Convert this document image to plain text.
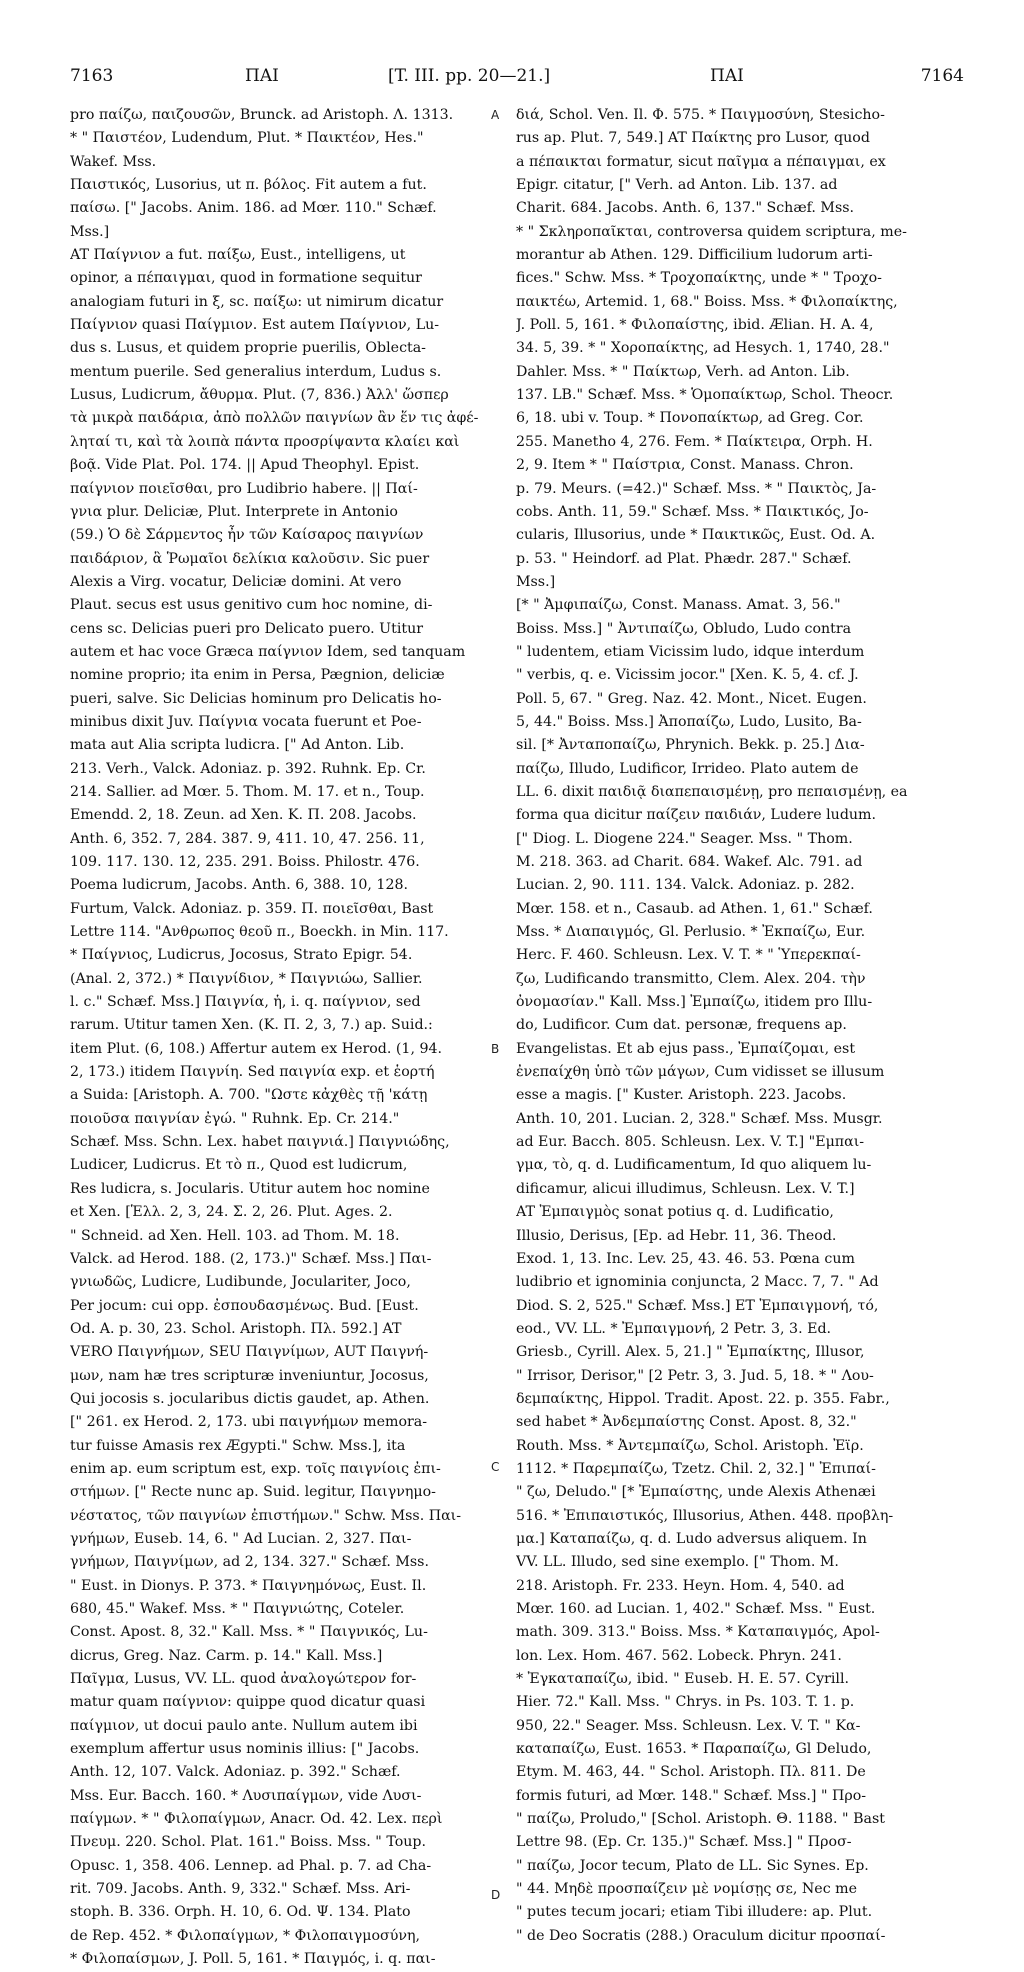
7163	ΠΑΙ	[T. III. pp. 20—21.]	ΠΑΙ	7164
pro παίζω, παιζουσῶν, Brunck. ad Aristoph. Λ. 1313.
* " Παιστέον, Ludendum, Plut. * Παικτέον, Hes."
Wakef. Mss.
Παιστικός, Lusorius, ut π. βόλος. Fit autem a fut.
παίσω. [" Jacobs. Anim. 186. ad Mœr. 110." Schæf.
Mss.]
AT Παίγνιον a fut. παίξω, Eust., intelligens, ut
opinor, a πέπαιγμαι, quod in formatione sequitur
analogiam futuri in ξ, sc. παίξω: ut nimirum dicatur
Παίγνιον quasi Παίγμιον. Est autem Παίγνιον, Lu-
dus s. Lusus, et quidem proprie puerilis, Oblecta-
mentum puerile. Sed generalius interdum, Ludus s.
Lusus, Ludicrum, ἄθυρμα. Plut. (7, 836.) Ἀλλ' ὥσπερ
τὰ μικρὰ παιδάρια, ἀπὸ πολλῶν παιγνίων ἂν ἕν τις ἀφέ-
ληταί τι, καὶ τὰ λοιπὰ πάντα προσρίψαντα κλαίει καὶ
βοᾷ. Vide Plat. Pol. 174. || Apud Theophyl. Epist.
παίγνιον ποιεῖσθαι, pro Ludibrio habere. || Παί-
γνια plur. Deliciæ, Plut. Interprete in Antonio
(59.) Ὁ δὲ Σάρμεντος ἦν τῶν Καίσαρος παιγνίων
παιδάριον, ἃ Ῥωμαῖοι δελίκια καλοῦσιν. Sic puer
Alexis a Virg. vocatur, Deliciæ domini. At vero
Plaut. secus est usus genitivo cum hoc nomine, di-
cens sc. Delicias pueri pro Delicato puero. Utitur
autem et hac voce Græca παίγνιον Idem, sed tanquam
nomine proprio; ita enim in Persa, Pægnion, deliciæ
pueri, salve. Sic Delicias hominum pro Delicatis ho-
minibus dixit Juv. Παίγνια vocata fuerunt et Poe-
mata aut Alia scripta ludicra. [" Ad Anton. Lib.
213. Verh., Valck. Adoniaz. p. 392. Ruhnk. Ep. Cr.
214. Sallier. ad Mœr. 5. Thom. M. 17. et n., Toup.
Emendd. 2, 18. Zeun. ad Xen. K. Π. 208. Jacobs.
Anth. 6, 352. 7, 284. 387. 9, 411. 10, 47. 256. 11,
109. 117. 130. 12, 235. 291. Boiss. Philostr. 476.
Poema ludicrum, Jacobs. Anth. 6, 388. 10, 128.
Furtum, Valck. Adoniaz. p. 359. Π. ποιεῖσθαι, Bast
Lettre 114. "Ανθρωπος θεοῦ π., Boeckh. in Min. 117.
* Παίγνιος, Ludicrus, Jocosus, Strato Epigr. 54.
(Anal. 2, 372.) * Παιγνίδιον, * Παιγνιώω, Sallier.
l. c." Schæf. Mss.] Παιγνία, ἡ, i. q. παίγνιον, sed
rarum. Utitur tamen Xen. (K. Π. 2, 3, 7.) ap. Suid.:
item Plut. (6, 108.) Affertur autem ex Herod. (1, 94.
2, 173.) itidem Παιγνίη. Sed παιγνία exp. et ἑορτή
a Suida: [Aristoph. A. 700. "Ωστε κἀχθὲς τῇ 'κάτῃ
ποιοῦσα παιγνίαν ἐγώ. " Ruhnk. Ep. Cr. 214."
Schæf. Mss. Schn. Lex. habet παιγνιά.] Παιγνιώδης,
Ludicer, Ludicrus. Et τὸ π., Quod est ludicrum,
Res ludicra, s. Jocularis. Utitur autem hoc nomine
et Xen. [Ἑλλ. 2, 3, 24. Σ. 2, 26. Plut. Ages. 2.
" Schneid. ad Xen. Hell. 103. ad Thom. M. 18.
Valck. ad Herod. 188. (2, 173.)" Schæf. Mss.] Παι-
γνιωδῶς, Ludicre, Ludibunde, Joculariter, Joco,
Per jocum: cui opp. ἐσπουδασμένως. Bud. [Eust.
Od. A. p. 30, 23. Schol. Aristoph. Πλ. 592.] AT
VERO Παιγνήμων, SEU Παιγνίμων, AUT Παιγνή-
μων, nam hæ tres scripturæ inveniuntur, Jocosus,
Qui jocosis s. jocularibus dictis gaudet, ap. Athen.
[" 261. ex Herod. 2, 173. ubi παιγνήμων memora-
tur fuisse Amasis rex Ægypti." Schw. Mss.], ita
enim ap. eum scriptum est, exp. τοῖς παιγνίοις ἐπι-
στήμων. [" Recte nunc ap. Suid. legitur, Παιγνημο-
νέστατος, τῶν παιγνίων ἐπιστήμων." Schw. Mss. Παι-
γνήμων, Euseb. 14, 6. " Ad Lucian. 2, 327. Παι-
γνήμων, Παιγνίμων, ad 2, 134. 327." Schæf. Mss.
" Eust. in Dionys. P. 373. * Παιγνημόνως, Eust. Il.
680, 45." Wakef. Mss. * " Παιγνιώτης, Coteler.
Const. Apost. 8, 32." Kall. Mss. * " Παιγνικός, Lu-
dicrus, Greg. Naz. Carm. p. 14." Kall. Mss.]
Παῖγμα, Lusus, VV. LL. quod ἀναλογώτερον for-
matur quam παίγνιον: quippe quod dicatur quasi
παίγμιον, ut docui paulo ante. Nullum autem ibi
exemplum affertur usus nominis illius: [" Jacobs.
Anth. 12, 107. Valck. Adoniaz. p. 392." Schæf.
Mss. Eur. Bacch. 160. * Λυσιπαίγμων, vide Λυσι-
παίγμων. * " Φιλοπαίγμων, Anacr. Od. 42. Lex. περὶ
Πνευμ. 220. Schol. Plat. 161." Boiss. Mss. " Toup.
Opusc. 1, 358. 406. Lennep. ad Phal. p. 7. ad Cha-
rit. 709. Jacobs. Anth. 9, 332." Schæf. Mss. Ari-
stoph. B. 336. Orph. H. 10, 6. Od. Ψ. 134. Plato
de Rep. 452. * Φιλοπαίγμων, * Φιλοπαιγμοσύνη,
* Φιλοπαίσμων, J. Poll. 5, 161. * Παιγμός, i. q. παι-
διά, Schol. Ven. Il. Φ. 575. * Παιγμοσύνη, Stesicho-
rus ap. Plut. 7, 549.] AT Παίκτης pro Lusor, quod
a πέπαικται formatur, sicut παῖγμα a πέπαιγμαι, ex
Epigr. citatur, [" Verh. ad Anton. Lib. 137. ad
Charit. 684. Jacobs. Anth. 6, 137." Schæf. Mss.
* " Σκληροπαῖκται, controversa quidem scriptura, me-
morantur ab Athen. 129. Difficilium ludorum arti-
fices." Schw. Mss. * Τροχοπαίκτης, unde * " Τροχο-
παικτέω, Artemid. 1, 68." Boiss. Mss. * Φιλοπαίκτης,
J. Poll. 5, 161. * Φιλοπαίστης, ibid. Ælian. H. A. 4,
34. 5, 39. * " Χοροπαίκτης, ad Hesych. 1, 1740, 28."
Dahler. Mss. * " Παίκτωρ, Verh. ad Anton. Lib.
137. LB." Schæf. Mss. * Ὁμοπαίκτωρ, Schol. Theocr.
6, 18. ubi v. Toup. * Πονοπαίκτωρ, ad Greg. Cor.
255. Manetho 4, 276. Fem. * Παίκτειρα, Orph. H.
2, 9. Item * " Παίστρια, Const. Manass. Chron.
p. 79. Meurs. (=42.)" Schæf. Mss. * " Παικτὸς, Ja-
cobs. Anth. 11, 59." Schæf. Mss. * Παικτικός, Jo-
cularis, Illusorius, unde * Παικτικῶς, Eust. Od. A.
p. 53. " Heindorf. ad Plat. Phædr. 287." Schæf.
Mss.]
[* " Ἀμφιπαίζω, Const. Manass. Amat. 3, 56."
Boiss. Mss.] " Ἀντιπαίζω, Obludo, Ludo contra
" ludentem, etiam Vicissim ludo, idque interdum
" verbis, q. e. Vicissim jocor." [Xen. K. 5, 4. cf. J.
Poll. 5, 67. " Greg. Naz. 42. Mont., Nicet. Eugen.
5, 44." Boiss. Mss.] Ἀποπαίζω, Ludo, Lusito, Ba-
sil. [* Ἀνταποπαίζω, Phrynich. Bekk. p. 25.] Δια-
παίζω, Illudo, Ludificor, Irrideo. Plato autem de
LL. 6. dixit παιδιᾷ διαπεπαισμένῃ, pro πεπαισμένῃ, ea
forma qua dicitur παίζειν παιδιάν, Ludere ludum.
[" Diog. L. Diogene 224." Seager. Mss. " Thom.
M. 218. 363. ad Charit. 684. Wakef. Alc. 791. ad
Lucian. 2, 90. 111. 134. Valck. Adoniaz. p. 282.
Mœr. 158. et n., Casaub. ad Athen. 1, 61." Schæf.
Mss. * Διαπαιγμός, Gl. Perlusio. * Ἐκπαίζω, Eur.
Herc. F. 460. Schleusn. Lex. V. T. * " Ὑπερεκπαί-
ζω, Ludificando transmitto, Clem. Alex. 204. τὴν
ὀνομασίαν." Kall. Mss.] Ἐμπαίζω, itidem pro Illu-
do, Ludificor. Cum dat. personæ, frequens ap.
Evangelistas. Et ab ejus pass., Ἐμπαίζομαι, est
ἐνεπαίχθη ὑπὸ τῶν μάγων, Cum vidisset se illusum
esse a magis. [" Kuster. Aristoph. 223. Jacobs.
Anth. 10, 201. Lucian. 2, 328." Schæf. Mss. Musgr.
ad Eur. Bacch. 805. Schleusn. Lex. V. T.] "Εμπαι-
γμα, τὸ, q. d. Ludificamentum, Id quo aliquem lu-
dificamur, alicui illudimus, Schleusn. Lex. V. T.]
AT Ἐμπαιγμὸς sonat potius q. d. Ludificatio,
Illusio, Derisus, [Ep. ad Hebr. 11, 36. Theod.
Exod. 1, 13. Inc. Lev. 25, 43. 46. 53. Pœna cum
ludibrio et ignominia conjuncta, 2 Macc. 7, 7. " Ad
Diod. S. 2, 525." Schæf. Mss.] ET Ἐμπαιγμονή, τό,
eod., VV. LL. * Ἐμπαιγμονή, 2 Petr. 3, 3. Ed.
Griesb., Cyrill. Alex. 5, 21.] " Ἐμπαίκτης, Illusor,
" Irrisor, Derisor," [2 Petr. 3, 3. Jud. 5, 18. * " Λου-
δεμπαίκτης, Hippol. Tradit. Apost. 22. p. 355. Fabr.,
sed habet * Ἀνδεμπαίστης Const. Apost. 8, 32."
Routh. Mss. * Ἀντεμπαίζω, Schol. Aristoph. Ἐϊρ.
1112. * Παρεμπαίζω, Tzetz. Chil. 2, 32.] " Ἐπιπαί-
" ζω, Deludo." [* Ἐμπαίστης, unde Alexis Athenæi
516. * Ἐπιπαιστικός, Illusorius, Athen. 448. προβλη-
μα.] Καταπαίζω, q. d. Ludo adversus aliquem. In
VV. LL. Illudo, sed sine exemplo. [" Thom. M.
218. Aristoph. Fr. 233. Heyn. Hom. 4, 540. ad
Mœr. 160. ad Lucian. 1, 402." Schæf. Mss. " Eust.
math. 309. 313." Boiss. Mss. * Καταπαιγμός, Apol-
lon. Lex. Hom. 467. 562. Lobeck. Phryn. 241.
* Ἐγκαταπαίζω, ibid. " Euseb. H. E. 57. Cyrill.
Hier. 72." Kall. Mss. " Chrys. in Ps. 103. T. 1. p.
950, 22." Seager. Mss. Schleusn. Lex. V. T. " Κα-
καταπαίζω, Eust. 1653. * Παραπαίζω, Gl Deludo,
Etym. M. 463, 44. " Schol. Aristoph. Πλ. 811. De
formis futuri, ad Mœr. 148." Schæf. Mss.] " Προ-
" παίζω, Proludo," [Schol. Aristoph. Θ. 1188. " Bast
Lettre 98. (Ep. Cr. 135.)" Schæf. Mss.] " Προσ-
" παίζω, Jocor tecum, Plato de LL. Sic Synes. Ep.
" 44. Μηδὲ προσπαίζειν μὲ νομίσῃς σε, Nec me
" putes tecum jocari; etiam Tibi illudere: ap. Plut.
" de Deo Socratis (288.) Oraculum dicitur προσπαί-
A
B
C
D
